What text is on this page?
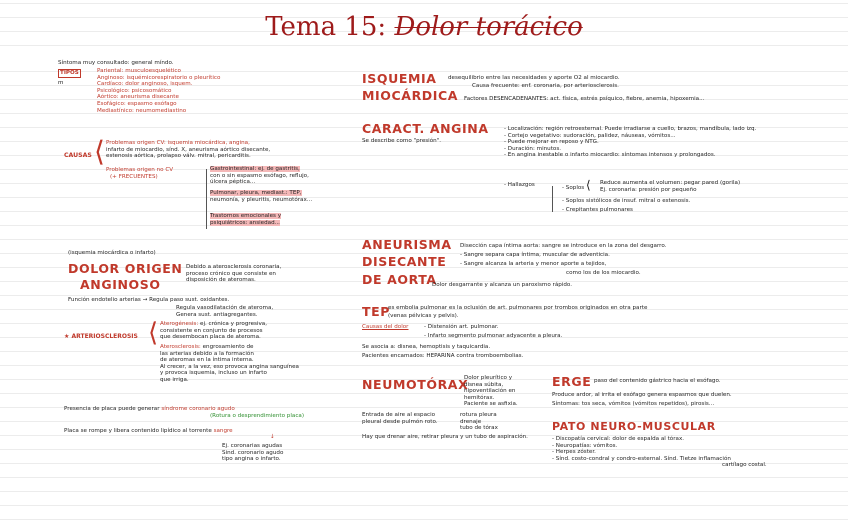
Tema 15: Dolor torácico
Síntoma muy consultado: general míndo.
TIPOS
m
Pariental: musculoesquelético
Anginoso: isquémicorespiratorio o pleurítico
Cardíaco: dolor anginoso, isquem.
Psicológico: psicosomático
Aórtico: aneurisma disecante
Esofágico: espasmo esófago
Mediastínico: neumomediastino
CAUSAS ⟨ Problemas origen CV: isquemia miocárdica, angina,
infarto de miocardio, sínd. X, aneurisma aórtico disecante,
estenosis aórtica, prolapso válv. mitral, pericarditis.
Problemas origen no CV
(+ FRECUENTES)
Gastrointestinal: ej. de gastritis,
con o sin espasmo esófago, reflujo,
úlcera péptica...
Pulmonar, pleura, mediast.: TEP,
neumonía, y pleuritis, neumotórax...
Trastornos emocionales y
psiquiátricos: ansiedad...
(isquemia miocárdica o infarto)
DOLOR ORIGEN
ANGINOSO
Debido a aterosclerosis coronaria,
proceso crónico que consiste en
disposición de ateromas.
Función endotelio arterias → Regula paso sust. oxidantes.
Regula vasodilatación de ateroma,
Genera sust. antiagregantes.
★ ARTERIOSCLEROSIS ⟨ Aterogénesis: ej. crónica y progresiva,
consistente en conjunto de procesos
que desembocan placa de ateroma.
Aterosclerosis: engrosamiento de
las arterias debido a la formación
de ateromas en la íntima interna.
Al crecer, a la vez, eso provoca angina sanguínea
y provoca isquemia, incluso un infarto
que irriga.
Presencia de placa puede generar síndrome coronario agudo
(Rotura o desprendimiento placa)
Placa se rompe y libera contenido lipídico al torrente sangre
↓
Ej. coronarias agudas
Sind. coronario agudo
tipo angina o infarto.
ISQUEMIA
MIOCÁRDICA
desequilibrio entre las necesidades y aporte O2 al miocardio.
Causa frecuente: enf. coronaria, por arteriosclerosis.
Factores DESENCADENANTES: act. física, estrés psíquico, fiebre, anemia, hipoxemia...
CARACT. ANGINA
Se describe como "presión".
- Localización: región retroesternal. Puede irradiarse a cuello, brazos, mandíbula, lado izq.
- Cortejo vegetativo: sudoración, palidez, náuseas, vómitos...
- Puede mejorar en reposo y NTG.
- Duración: minutos.
- En angina inestable o infarto miocardio: síntomas intensos y prolongados.
- Hallazgos	- Soplos ⟨ Reduce aumenta el volumen: pegar pared (gorila)
Ej. coronaria: presión por pequeño
- Soplos sistólicos de insuf. mitral o estenosis.
- Crepitantes pulmonares
ANEURISMA
DISECANTE
DE AORTA
Disección capa íntima aorta: sangre se introduce en la zona del desgarro.
- Sangre separa capa íntima, muscular de adventicia.
- Sangre alcanza la arteria y menor aporte a tejidos,
como los de los miocardio.
Dolor desgarrante y alcanza un paroxismo rápido.
TEP
es embolia pulmonar es la oclusión de art. pulmonares por trombos originados en otra parte
(venas pélvicas y pelvis).
Causas del dolor	- Distensión art. pulmonar.
- Infarto segmento pulmonar adyacente a pleura.
Se asocia a: disnea, hemoptisis y taquicardia.
Pacientes encamados: HEPARINA contra tromboembolias.
NEUMOTÓRAX
Dolor pleurítico y
disnea súbita,
hipoventilación en
hemitórax.
Paciente se asfixia.
Entrada de aire al espacio
pleural desde pulmón roto.
Hay que drenar aire, retirar pleura y un tubo de aspiración.
rotura pleura
drenaje
tubo de tórax
ERGE paso del contenido gástrico hacia el esófago.
Produce ardor, al irrita el esófago genera espasmos que duelen.
Síntomas: tos seca, vómitos (vómitos repetidos), pirosis...
PATO NEURO-MUSCULAR
- Discopatía cervical: dolor de espalda al tórax.
- Neuropatías: vómitos.
- Herpes zóster.
- Sínd. costo-condral y condro-esternal. Sínd. Tietze inflamación
cartílago costal.
